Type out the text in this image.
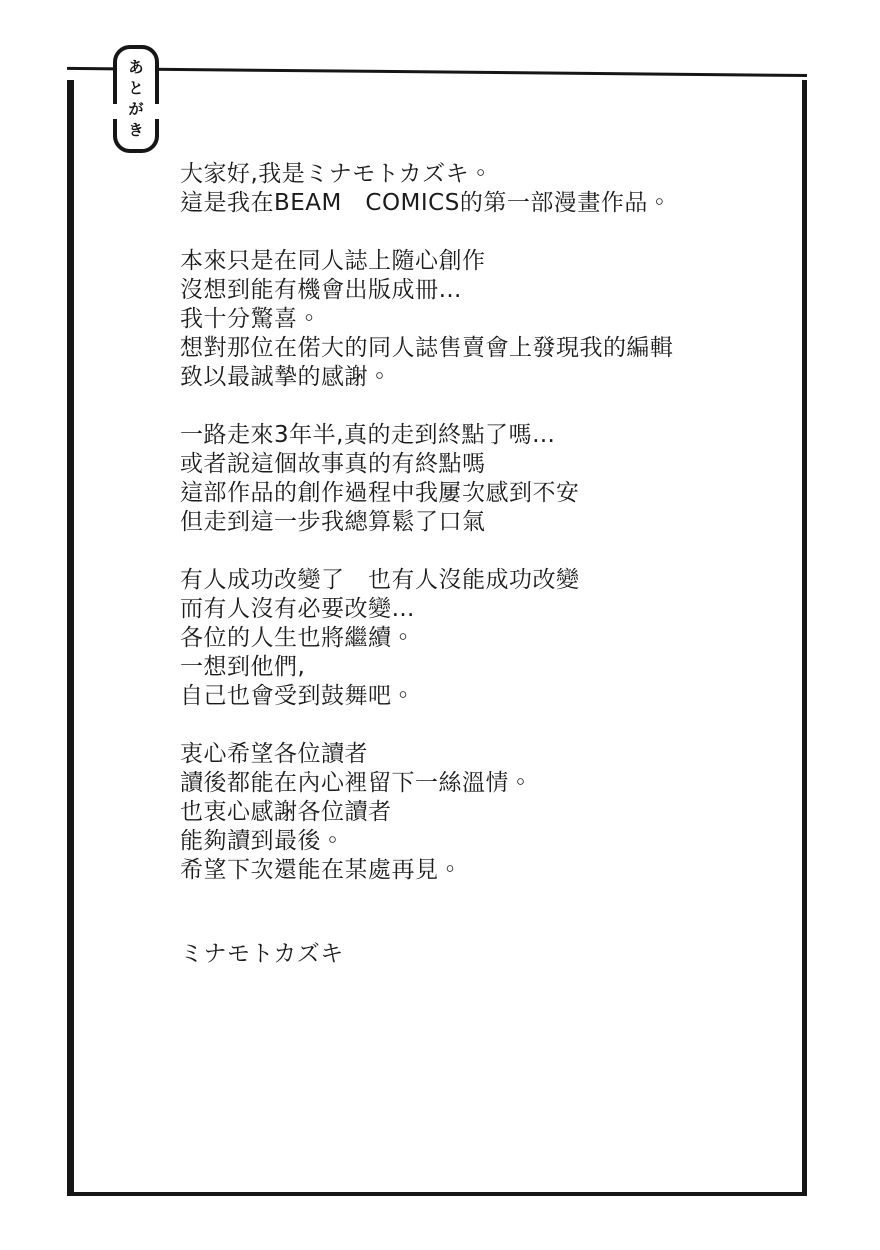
あ
と
が
き
大家好,我是ミナモトカズキ。
這是我在BEAM　COMICS的第一部漫畫作品。
本來只是在同人誌上隨心創作
沒想到能有機會出版成冊…
我十分驚喜。
想對那位在偌大的同人誌售賣會上發現我的編輯
致以最誠摯的感謝。
一路走來3年半,真的走到終點了嗎…
或者說這個故事真的有終點嗎
這部作品的創作過程中我屢次感到不安
但走到這一步我總算鬆了口氣
有人成功改變了　也有人沒能成功改變
而有人沒有必要改變…
各位的人生也將繼續。
一想到他們,
自己也會受到鼓舞吧。
衷心希望各位讀者
讀後都能在內心裡留下一絲溫情。
也衷心感謝各位讀者
能夠讀到最後。
希望下次還能在某處再見。
ミナモトカズキ
